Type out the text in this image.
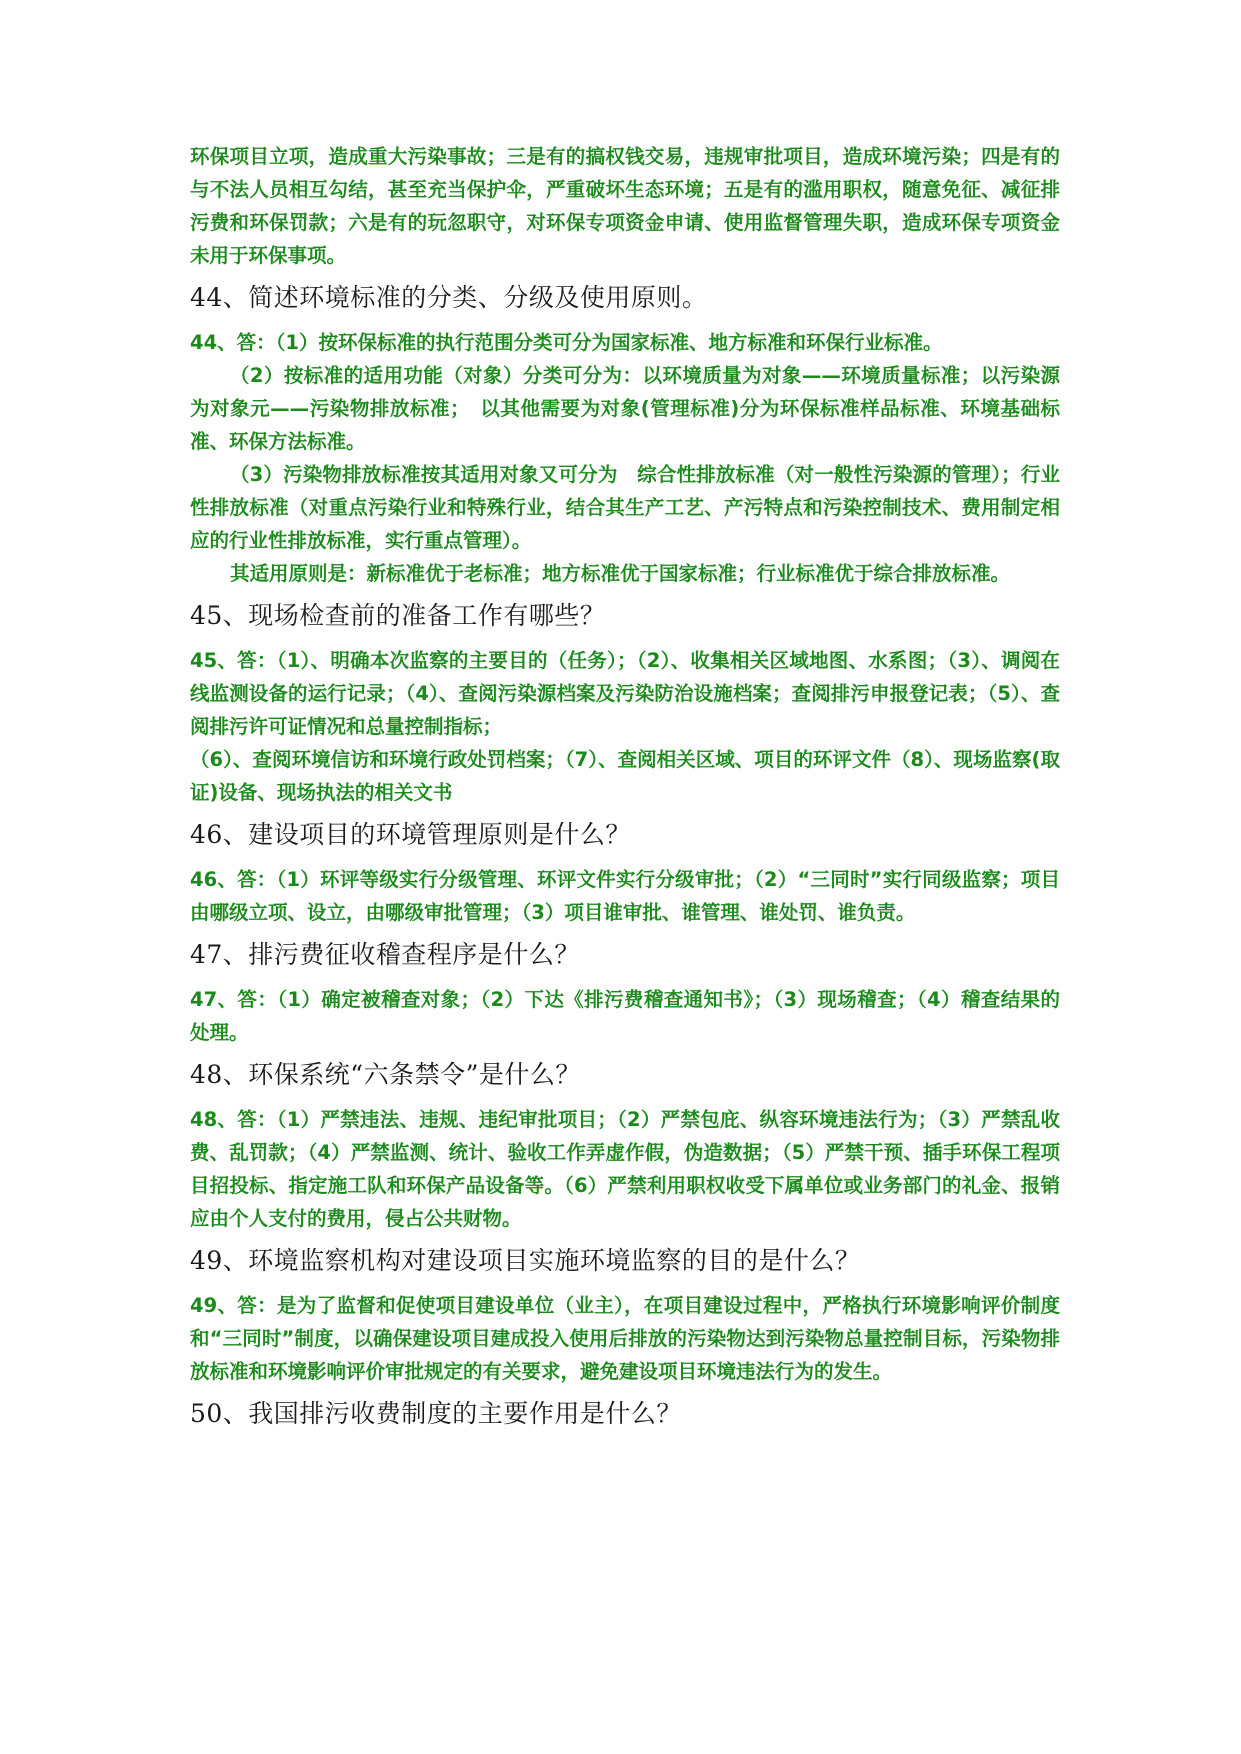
环保项目立项，造成重大污染事故；三是有的搞权钱交易，违规审批项目，造成环境污染；四是有的与不法人员相互勾结，甚至充当保护伞，严重破坏生态环境；五是有的滥用职权，随意免征、减征排污费和环保罚款；六是有的玩忽职守，对环保专项资金申请、使用监督管理失职，造成环保专项资金未用于环保事项。

44、简述环境标准的分类、分级及使用原则。

44、答：（1）按环保标准的执行范围分类可分为国家标准、地方标准和环保行业标准。

（2）按标准的适用功能（对象）分类可分为：以环境质量为对象——环境质量标准；以污染源为对象元——污染物排放标准；　以其他需要为对象(管理标准)分为环保标准样品标准、环境基础标准、环保方法标准。

（3）污染物排放标准按其适用对象又可分为　综合性排放标准（对一般性污染源的管理）；行业性排放标准（对重点污染行业和特殊行业，结合其生产工艺、产污特点和污染控制技术、费用制定相应的行业性排放标准，实行重点管理）。

其适用原则是：新标准优于老标准；地方标准优于国家标准；行业标准优于综合排放标准。

45、现场检查前的准备工作有哪些？

45、答：（1）、明确本次监察的主要目的（任务）；（2）、收集相关区域地图、水系图；（3）、调阅在线监测设备的运行记录；（4）、查阅污染源档案及污染防治设施档案；查阅排污申报登记表；（5）、查阅排污许可证情况和总量控制指标；

（6）、查阅环境信访和环境行政处罚档案；（7）、查阅相关区域、项目的环评文件（8）、现场监察(取证)设备、现场执法的相关文书

46、建设项目的环境管理原则是什么？

46、答：（1）环评等级实行分级管理、环评文件实行分级审批；（2）“三同时”实行同级监察；项目由哪级立项、设立，由哪级审批管理；（3）项目谁审批、谁管理、谁处罚、谁负责。

47、排污费征收稽查程序是什么？

47、答：（1）确定被稽查对象；（2）下达《排污费稽查通知书》；（3）现场稽查；（4）稽查结果的处理。

48、环保系统“六条禁令”是什么？

48、答：（1）严禁违法、违规、违纪审批项目；（2）严禁包庇、纵容环境违法行为；（3）严禁乱收费、乱罚款；（4）严禁监测、统计、验收工作弄虚作假，伪造数据；（5）严禁干预、插手环保工程项目招投标、指定施工队和环保产品设备等。（6）严禁利用职权收受下属单位或业务部门的礼金、报销应由个人支付的费用，侵占公共财物。

49、环境监察机构对建设项目实施环境监察的目的是什么？

49、答：是为了监督和促使项目建设单位（业主），在项目建设过程中，严格执行环境影响评价制度和“三同时”制度，以确保建设项目建成投入使用后排放的污染物达到污染物总量控制目标，污染物排放标准和环境影响评价审批规定的有关要求，避免建设项目环境违法行为的发生。

50、我国排污收费制度的主要作用是什么？
